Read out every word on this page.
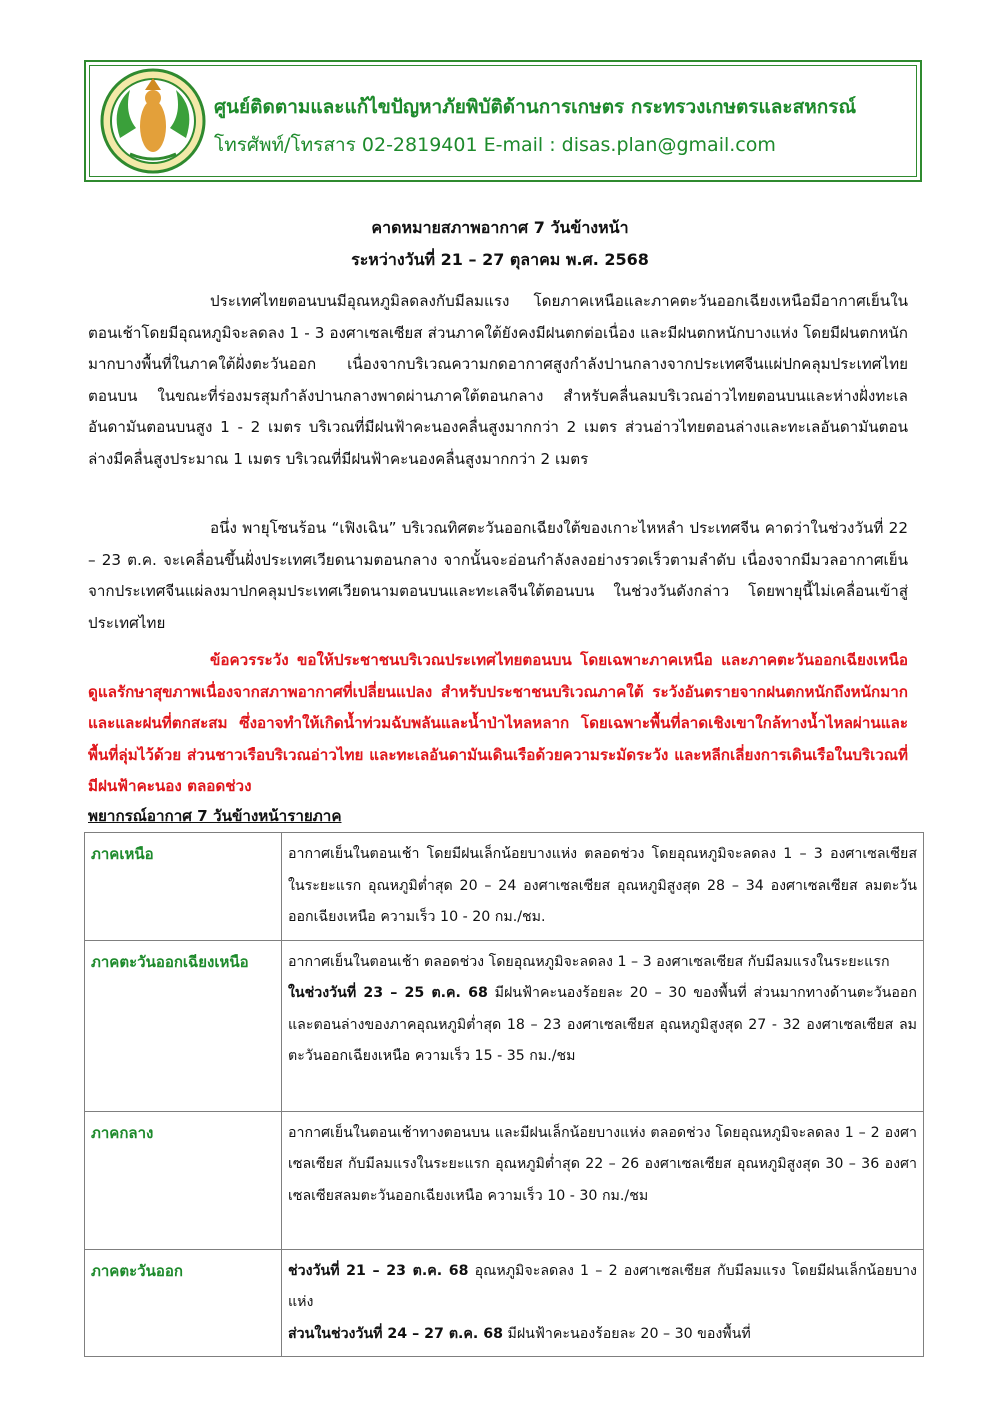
ศูนย์ติดตามและแก้ไขปัญหาภัยพิบัติด้านการเกษตร กระทรวงเกษตรและสหกรณ์
โทรศัพท์/โทรสาร 02-2819401 E-mail : disas.plan@gmail.com
คาดหมายสภาพอากาศ 7 วันข้างหน้า
ระหว่างวันที่ 21 – 27 ตุลาคม พ.ศ. 2568
ประเทศไทยตอนบนมีอุณหภูมิลดลงกับมีลมแรง โดยภาคเหนือและภาคตะวันออกเฉียงเหนือมีอากาศเย็นในตอนเช้าโดยมีอุณหภูมิจะลดลง 1 - 3 องศาเซลเซียส ส่วนภาคใต้ยังคงมีฝนตกต่อเนื่อง และมีฝนตกหนักบางแห่ง โดยมีฝนตกหนักมากบางพื้นที่ในภาคใต้ฝั่งตะวันออก เนื่องจากบริเวณความกดอากาศสูงกำลังปานกลางจากประเทศจีนแผ่ปกคลุมประเทศไทยตอนบน ในขณะที่ร่องมรสุมกำลังปานกลางพาดผ่านภาคใต้ตอนกลาง สำหรับคลื่นลมบริเวณอ่าวไทยตอนบนและห่างฝั่งทะเลอันดามันตอนบนสูง 1 - 2 เมตร บริเวณที่มีฝนฟ้าคะนองคลื่นสูงมากกว่า 2 เมตร ส่วนอ่าวไทยตอนล่างและทะเลอันดามันตอนล่างมีคลื่นสูงประมาณ 1 เมตร บริเวณที่มีฝนฟ้าคะนองคลื่นสูงมากกว่า 2 เมตร
อนึ่ง พายุโซนร้อน “เฟิงเฉิน” บริเวณทิศตะวันออกเฉียงใต้ของเกาะไหหลำ ประเทศจีน คาดว่าในช่วงวันที่ 22 – 23 ต.ค. จะเคลื่อนขึ้นฝั่งประเทศเวียดนามตอนกลาง จากนั้นจะอ่อนกำลังลงอย่างรวดเร็วตามลำดับ เนื่องจากมีมวลอากาศเย็นจากประเทศจีนแผ่ลงมาปกคลุมประเทศเวียดนามตอนบนและทะเลจีนใต้ตอนบน ในช่วงวันดังกล่าว โดยพายุนี้ไม่เคลื่อนเข้าสู่ประเทศไทย
ข้อควรระวัง ขอให้ประชาชนบริเวณประเทศไทยตอนบน โดยเฉพาะภาคเหนือ และภาคตะวันออกเฉียงเหนือ ดูแลรักษาสุขภาพเนื่องจากสภาพอากาศที่เปลี่ยนแปลง สำหรับประชาชนบริเวณภาคใต้ ระวังอันตรายจากฝนตกหนักถึงหนักมากและและฝนที่ตกสะสม ซึ่งอาจทำให้เกิดน้ำท่วมฉับพลันและน้ำป่าไหลหลาก โดยเฉพาะพื้นที่ลาดเชิงเขาใกล้ทางน้ำไหลผ่านและพื้นที่ลุ่มไว้ด้วย ส่วนชาวเรือบริเวณอ่าวไทย และทะเลอันดามันเดินเรือด้วยความระมัดระวัง และหลีกเลี่ยงการเดินเรือในบริเวณที่มีฝนฟ้าคะนอง ตลอดช่วง
พยากรณ์อากาศ 7 วันข้างหน้ารายภาค
ภาคเหนือ	อากาศเย็นในตอนเช้า โดยมีฝนเล็กน้อยบางแห่ง ตลอดช่วง โดยอุณหภูมิจะลดลง 1 – 3 องศาเซลเซียส ในระยะแรก อุณหภูมิต่ำสุด 20 – 24 องศาเซลเซียส อุณหภูมิสูงสุด 28 – 34 องศาเซลเซียส ลมตะวันออกเฉียงเหนือ ความเร็ว 10 - 20 กม./ชม.
ภาคตะวันออกเฉียงเหนือ	อากาศเย็นในตอนเช้า ตลอดช่วง โดยอุณหภูมิจะลดลง 1 – 3 องศาเซลเซียส กับมีลมแรงในระยะแรก
ในช่วงวันที่ 23 – 25 ต.ค. 68 มีฝนฟ้าคะนองร้อยละ 20 – 30 ของพื้นที่ ส่วนมากทางด้านตะวันออกและตอนล่างของภาคอุณหภูมิต่ำสุด 18 – 23 องศาเซลเซียส อุณหภูมิสูงสุด 27 - 32 องศาเซลเซียส ลมตะวันออกเฉียงเหนือ ความเร็ว 15 - 35 กม./ชม

ภาคกลาง	อากาศเย็นในตอนเช้าทางตอนบน และมีฝนเล็กน้อยบางแห่ง ตลอดช่วง โดยอุณหภูมิจะลดลง 1 – 2 องศาเซลเซียส กับมีลมแรงในระยะแรก อุณหภูมิต่ำสุด 22 – 26 องศาเซลเซียส อุณหภูมิสูงสุด 30 – 36 องศาเซลเซียสลมตะวันออกเฉียงเหนือ ความเร็ว 10 - 30 กม./ชม
ภาคตะวันออก	ช่วงวันที่ 21 – 23 ต.ค. 68 อุณหภูมิจะลดลง 1 – 2 องศาเซลเซียส กับมีลมแรง โดยมีฝนเล็กน้อยบางแห่ง
ส่วนในช่วงวันที่ 24 – 27 ต.ค. 68 มีฝนฟ้าคะนองร้อยละ 20 – 30 ของพื้นที่
